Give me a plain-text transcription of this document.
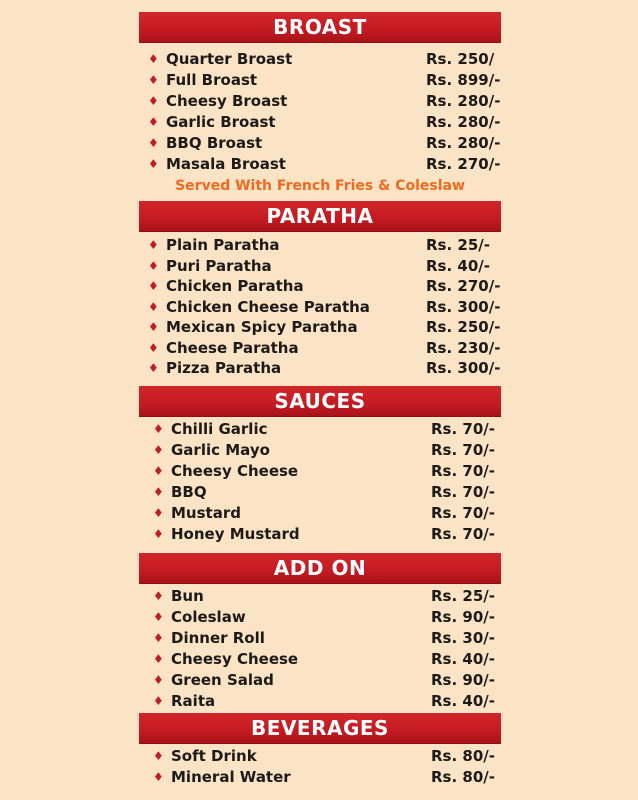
BROAST
♦ Quarter Broast	Rs. 250/
♦ Full Broast	Rs. 899/-
♦ Cheesy Broast	Rs. 280/-
♦ Garlic Broast	Rs. 280/-
♦ BBQ Broast	Rs. 280/-
♦ Masala Broast	Rs. 270/-
Served With French Fries & Coleslaw
PARATHA
♦ Plain Paratha	Rs. 25/-
♦ Puri Paratha	Rs. 40/-
♦ Chicken Paratha	Rs. 270/-
♦ Chicken Cheese Paratha	Rs. 300/-
♦ Mexican Spicy Paratha	Rs. 250/-
♦ Cheese Paratha	Rs. 230/-
♦ Pizza Paratha	Rs. 300/-
SAUCES
♦ Chilli Garlic	Rs. 70/-
♦ Garlic Mayo	Rs. 70/-
♦ Cheesy Cheese	Rs. 70/-
♦ BBQ	Rs. 70/-
♦ Mustard	Rs. 70/-
♦ Honey Mustard	Rs. 70/-
ADD ON
♦ Bun	Rs. 25/-
♦ Coleslaw	Rs. 90/-
♦ Dinner Roll	Rs. 30/-
♦ Cheesy Cheese	Rs. 40/-
♦ Green Salad	Rs. 90/-
♦ Raita	Rs. 40/-
BEVERAGES
♦ Soft Drink	Rs. 80/-
♦ Mineral Water	Rs. 80/-
